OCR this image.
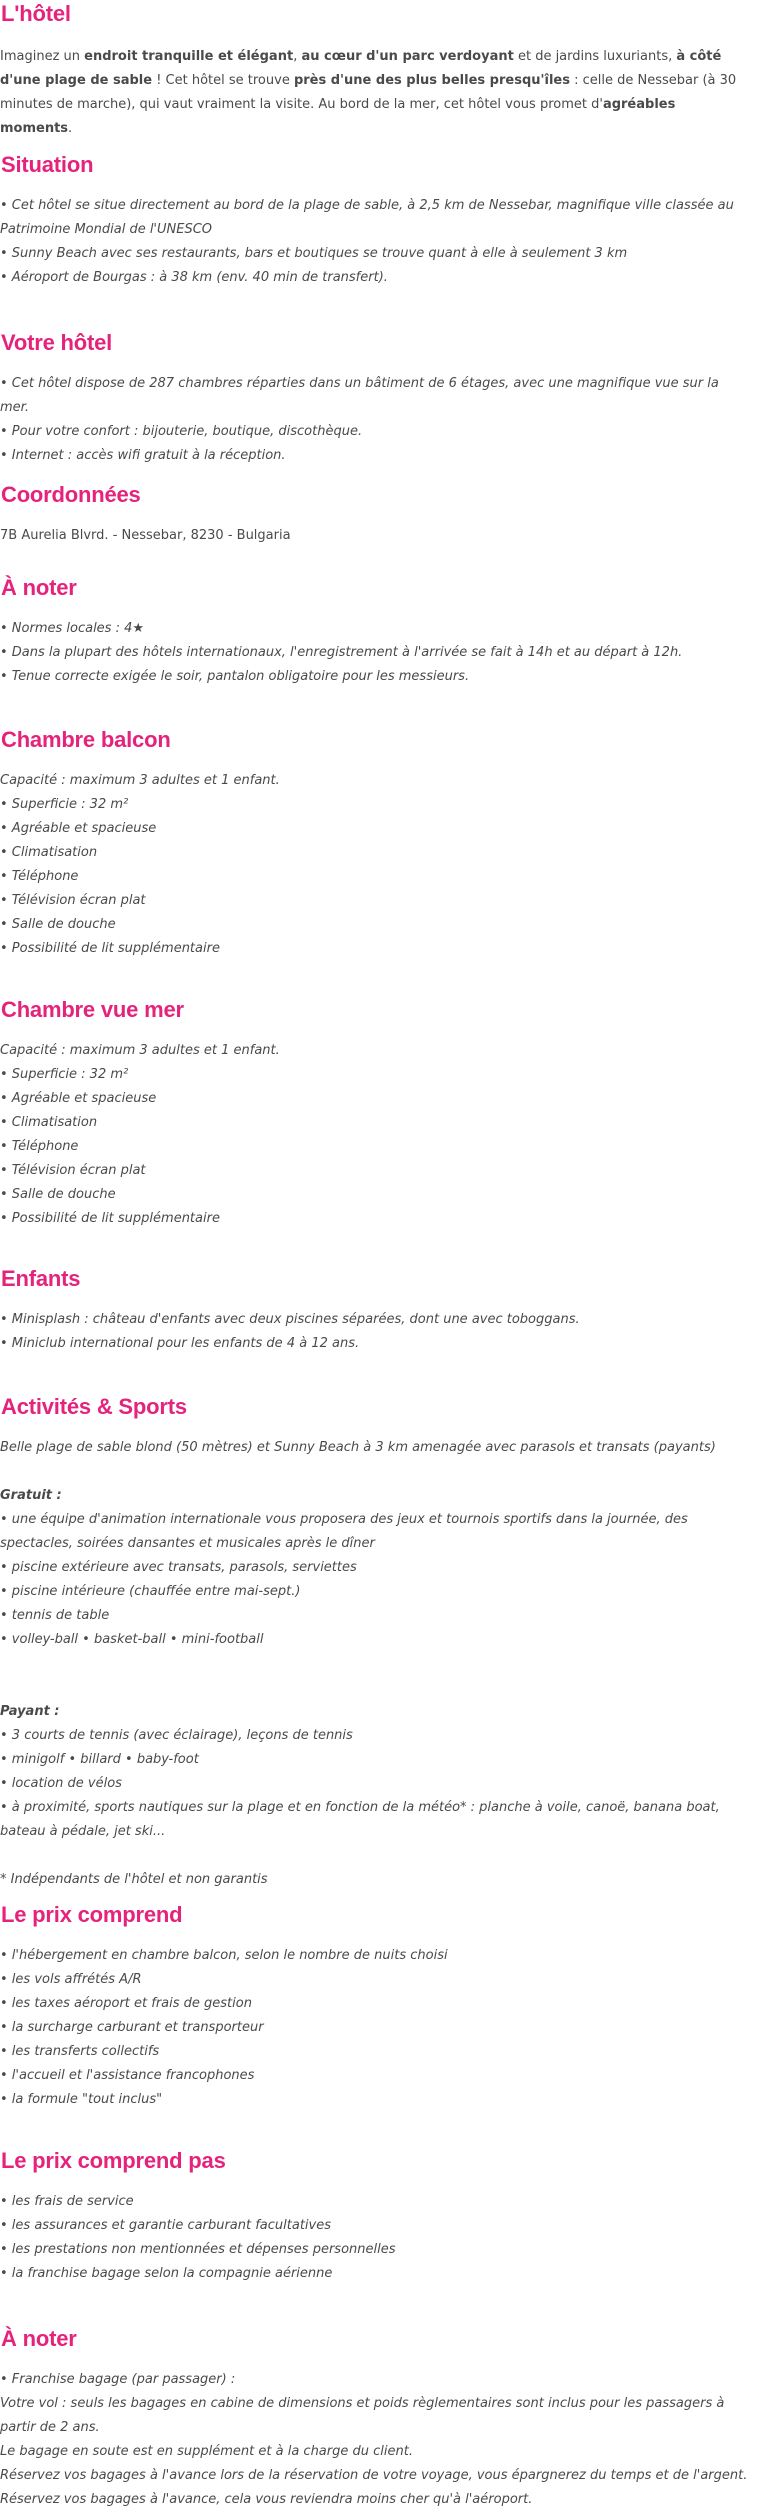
L'hôtel

Imaginez un endroit tranquille et élégant, au cœur d'un parc verdoyant et de jardins luxuriants, à côté d'une plage de sable ! Cet hôtel se trouve près d'une des plus belles presqu'îles : celle de Nessebar (à 30 minutes de marche), qui vaut vraiment la visite. Au bord de la mer, cet hôtel vous promet d'agréables moments.

Situation
• Cet hôtel se situe directement au bord de la plage de sable, à 2,5 km de Nessebar, magnifique ville classée au Patrimoine Mondial de l'UNESCO
• Sunny Beach avec ses restaurants, bars et boutiques se trouve quant à elle à seulement 3 km
• Aéroport de Bourgas : à 38 km (env. 40 min de transfert).
Votre hôtel
• Cet hôtel dispose de 287 chambres réparties dans un bâtiment de 6 étages, avec une magnifique vue sur la mer.
• Pour votre confort : bijouterie, boutique, discothèque.
• Internet : accès wifi gratuit à la réception.
Coordonnées

7B Aurelia Blvrd. - Nessebar, 8230 - Bulgaria

À noter
• Normes locales : 4★
• Dans la plupart des hôtels internationaux, l'enregistrement à l'arrivée se fait à 14h et au départ à 12h.
• Tenue correcte exigée le soir, pantalon obligatoire pour les messieurs.
Chambre balcon
Capacité : maximum 3 adultes et 1 enfant.
• Superficie : 32 m²
• Agréable et spacieuse
• Climatisation
• Téléphone
• Télévision écran plat
• Salle de douche
• Possibilité de lit supplémentaire
Chambre vue mer
Capacité : maximum 3 adultes et 1 enfant.
• Superficie : 32 m²
• Agréable et spacieuse
• Climatisation
• Téléphone
• Télévision écran plat
• Salle de douche
• Possibilité de lit supplémentaire
Enfants
• Minisplash : château d'enfants avec deux piscines séparées, dont une avec toboggans.
• Miniclub international pour les enfants de 4 à 12 ans.
Activités & Sports
Belle plage de sable blond (50 mètres) et Sunny Beach à 3 km amenagée avec parasols et transats (payants)
Gratuit :
• une équipe d'animation internationale vous proposera des jeux et tournois sportifs dans la journée, des spectacles, soirées dansantes et musicales après le dîner
• piscine extérieure avec transats, parasols, serviettes
• piscine intérieure (chauffée entre mai-sept.)
• tennis de table
• volley-ball • basket-ball • mini-football
Payant :
• 3 courts de tennis (avec éclairage), leçons de tennis
• minigolf • billard • baby-foot
• location de vélos
• à proximité, sports nautiques sur la plage et en fonction de la météo* : planche à voile, canoë, banana boat, bateau à pédale, jet ski...
* Indépendants de l'hôtel et non garantis
Le prix comprend
• l'hébergement en chambre balcon, selon le nombre de nuits choisi
• les vols affrétés A/R
• les taxes aéroport et frais de gestion
• la surcharge carburant et transporteur
• les transferts collectifs
• l'accueil et l'assistance francophones
• la formule "tout inclus"
Le prix comprend pas
• les frais de service
• les assurances et garantie carburant facultatives
• les prestations non mentionnées et dépenses personnelles
• la franchise bagage selon la compagnie aérienne
À noter
• Franchise bagage (par passager) :
Votre vol : seuls les bagages en cabine de dimensions et poids règlementaires sont inclus pour les passagers à partir de 2 ans.
Le bagage en soute est en supplément et à la charge du client.
Réservez vos bagages à l'avance lors de la réservation de votre voyage, vous épargnerez du temps et de l'argent.
Réservez vos bagages à l'avance, cela vous reviendra moins cher qu'à l'aéroport.
